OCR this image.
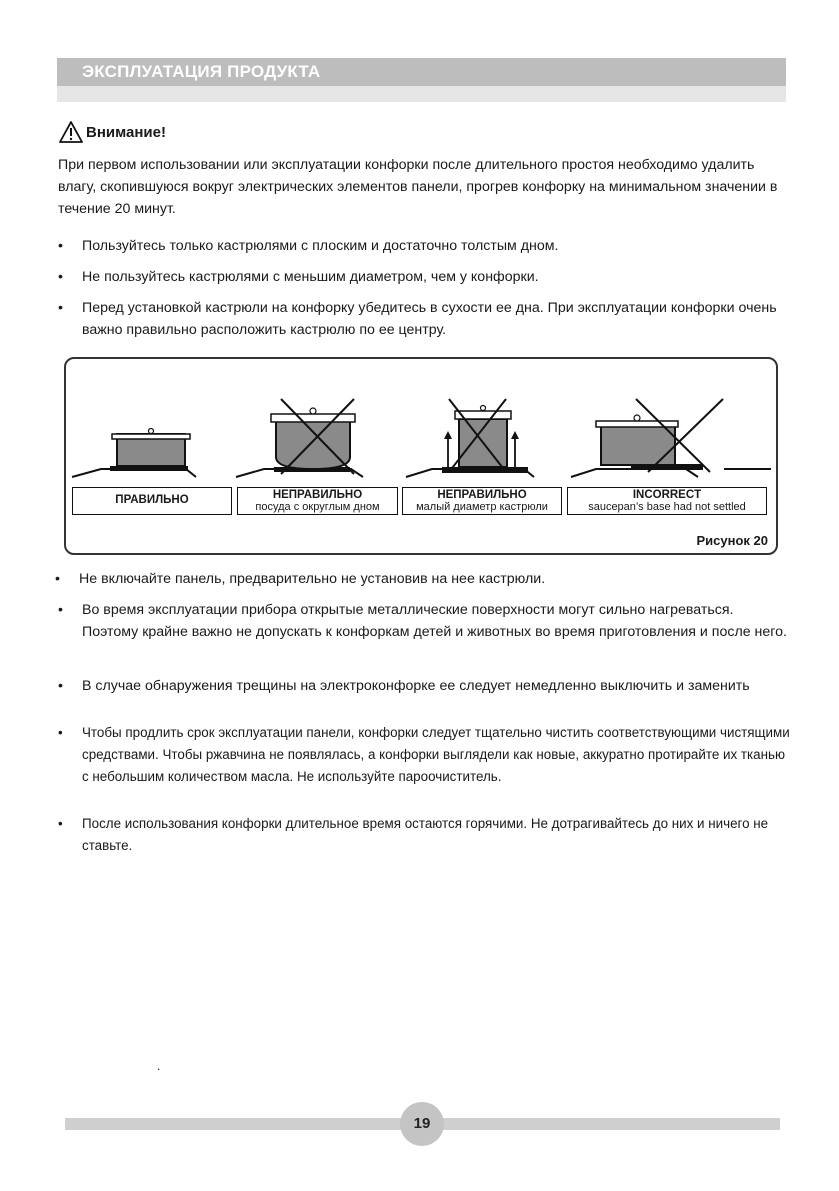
ЭКСПЛУАТАЦИЯ ПРОДУКТА
Внимание!
При первом использовании или эксплуатации конфорки после длительного простоя необходимо удалить влагу, скопившуюся вокруг электрических элементов панели, прогрев конфорку на минимальном значении в течение 20 минут.
• Пользуйтесь только кастрюлями с плоским и достаточно толстым дном.
• Не пользуйтесь кастрюлями с меньшим диаметром, чем у конфорки.
• Перед установкой кастрюли на конфорку убедитесь в сухости ее дна. При эксплуатации конфорки очень важно правильно расположить кастрюлю по ее центру.
ПРАВИЛЬНО	НЕПРАВИЛЬНО
посуда с округлым дном
НЕПРАВИЛЬНО
малый диаметр кастрюли
INCORRECT
saucepan’s base had not settled
Рисунок 20
• Не включайте панель, предварительно не установив на нее кастрюли.
• Во время эксплуатации прибора открытые металлические поверхности могут сильно нагреваться. Поэтому крайне важно не допускать к конфоркам детей и животных во время приготовления и после него.
• В случае обнаружения трещины на электроконфорке ее следует немедленно выключить и заменить
• Чтобы продлить срок эксплуатации панели, конфорки следует тщательно чистить соответствующими чистящими средствами. Чтобы ржавчина не появлялась, а конфорки выглядели как новые, аккуратно протирайте их тканью с небольшим количеством масла. Не используйте пароочиститель.
• После использования конфорки длительное время остаются горячими. Не дотрагивайтесь до них и ничего не ставьте.
.
19
